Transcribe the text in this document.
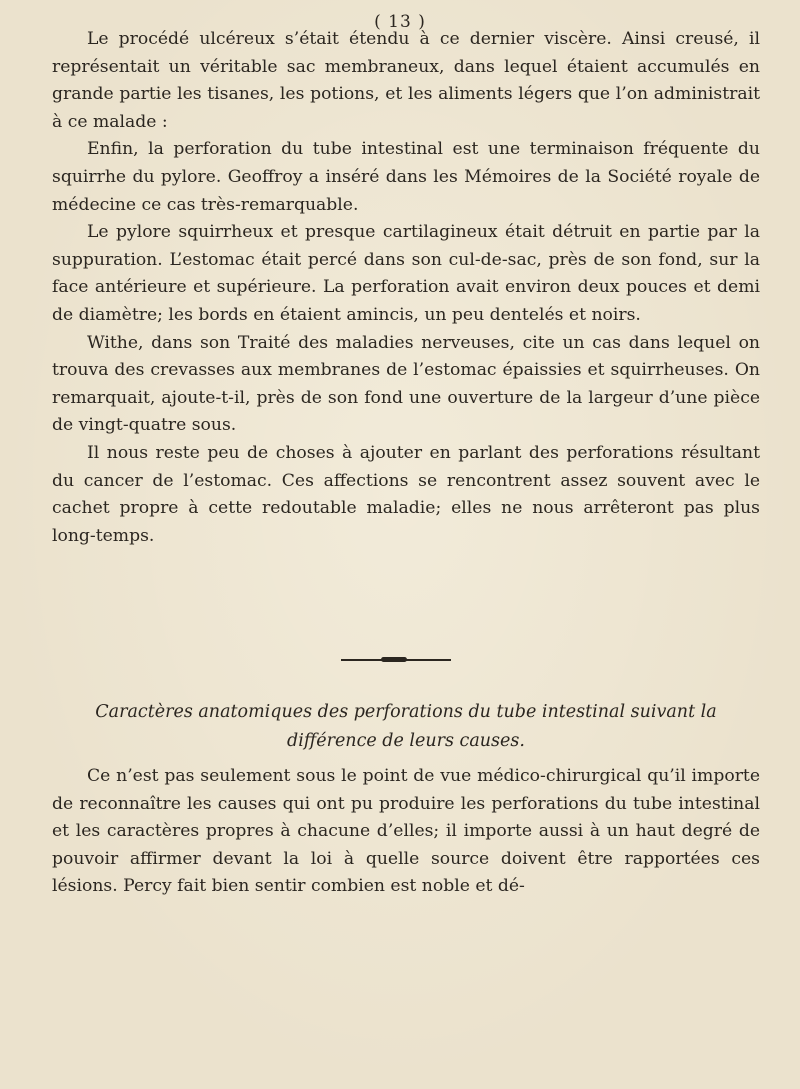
( 13 )

Le procédé ulcéreux s’était étendu à ce dernier viscère. Ainsi creusé, il représentait un véritable sac membraneux, dans lequel étaient accumulés en grande partie les tisanes, les potions, et les aliments légers que l’on administrait à ce malade :

Enfin, la perforation du tube intestinal est une terminaison fréquente du squirrhe du pylore. Geoffroy a inséré dans les Mémoires de la Société royale de médecine ce cas très-remarquable.

Le pylore squirrheux et presque cartilagineux était détruit en partie par la suppuration. L’estomac était percé dans son cul-de-sac, près de son fond, sur la face antérieure et supérieure. La perforation avait environ deux pouces et demi de diamètre; les bords en étaient amincis, un peu dentelés et noirs.

Withe, dans son Traité des maladies nerveuses, cite un cas dans lequel on trouva des crevasses aux membranes de l’estomac épaissies et squirrheuses. On remarquait, ajoute-t-il, près de son fond une ouverture de la largeur d’une pièce de vingt-quatre sous.

Il nous reste peu de choses à ajouter en parlant des perforations résultant du cancer de l’estomac. Ces affections se rencontrent assez souvent avec le cachet propre à cette redoutable maladie; elles ne nous arrêteront pas plus long-temps.

Caractères anatomiques des perforations du tube intestinal suivant la

différence de leurs causes.

Ce n’est pas seulement sous le point de vue médico-chirurgical qu’il importe de reconnaître les causes qui ont pu produire les perforations du tube intestinal et les caractères propres à chacune d’elles; il importe aussi à un haut degré de pouvoir affirmer devant la loi à quelle source doivent être rapportées ces lésions. Percy fait bien sentir combien est noble et dé-
